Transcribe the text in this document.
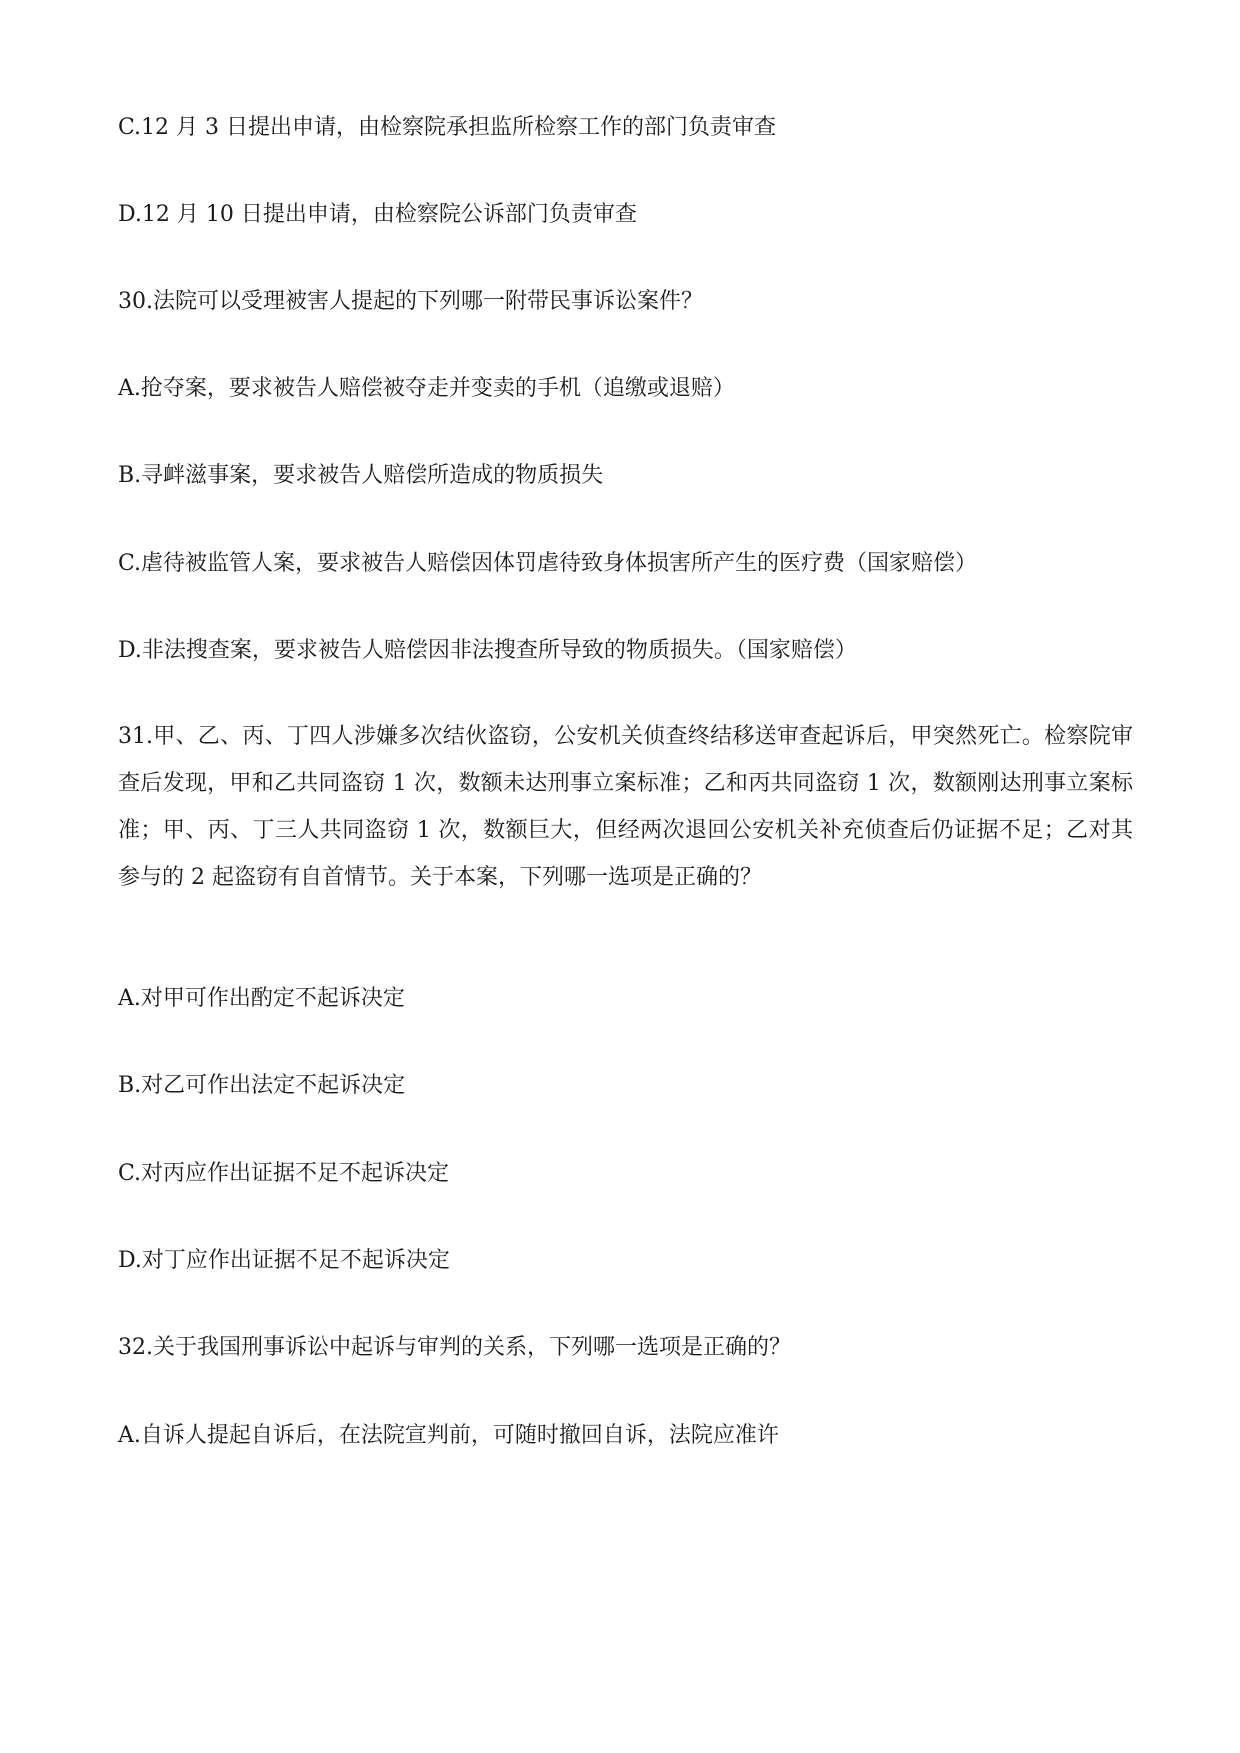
C.12 月 3 日提出申请，由检察院承担监所检察工作的部门负责审查
D.12 月 10 日提出申请，由检察院公诉部门负责审查
30.法院可以受理被害人提起的下列哪一附带民事诉讼案件？
A.抢夺案，要求被告人赔偿被夺走并变卖的手机（追缴或退赔）
B.寻衅滋事案，要求被告人赔偿所造成的物质损失
C.虐待被监管人案，要求被告人赔偿因体罚虐待致身体损害所产生的医疗费（国家赔偿）
D.非法搜查案，要求被告人赔偿因非法搜查所导致的物质损失。（国家赔偿）
31.甲、乙、丙、丁四人涉嫌多次结伙盗窃，公安机关侦查终结移送审查起诉后，甲突然死亡。检察院审查后发现，甲和乙共同盗窃 1 次，数额未达刑事立案标准；乙和丙共同盗窃 1 次，数额刚达刑事立案标准；甲、丙、丁三人共同盗窃 1 次，数额巨大，但经两次退回公安机关补充侦查后仍证据不足；乙对其参与的 2 起盗窃有自首情节。关于本案，下列哪一选项是正确的？
A.对甲可作出酌定不起诉决定
B.对乙可作出法定不起诉决定
C.对丙应作出证据不足不起诉决定
D.对丁应作出证据不足不起诉决定
32.关于我国刑事诉讼中起诉与审判的关系，下列哪一选项是正确的？
A.自诉人提起自诉后，在法院宣判前，可随时撤回自诉，法院应准许
